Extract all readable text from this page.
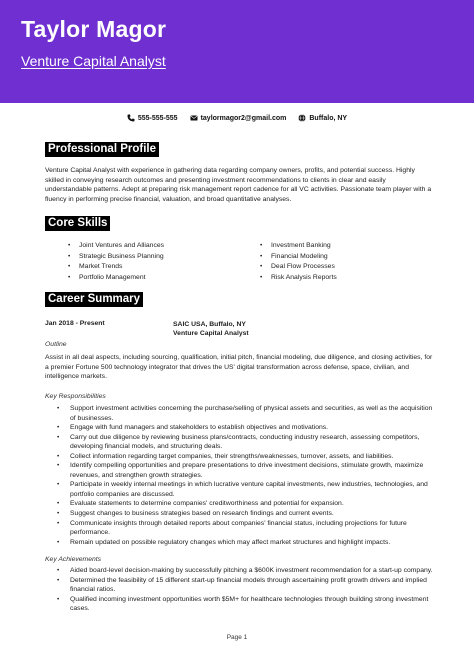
Taylor Magor
Venture Capital Analyst
555-555-555	taylormagor2@gmail.com	Buffalo, NY
Professional Profile
Venture Capital Analyst with experience in gathering data regarding company owners, profits, and potential success. Highly skilled in conveying research outcomes and presenting investment recommendations to clients in clear and easily understandable patterns. Adept at preparing risk management report cadence for all VC activities. Passionate team player with a fluency in performing precise financial, valuation, and broad quantitative analyses.
Core Skills
•	Joint Ventures and Alliances	•	Investment Banking
•	Strategic Business Planning	•	Financial Modeling
•	Market Trends	•	Deal Flow Processes
•	Portfolio Management	•	Risk Analysis Reports
Career Summary
Jan 2018 - Present	SAIC USA, Buffalo, NY
Venture Capital Analyst
Outline
Assist in all deal aspects, including sourcing, qualification, initial pitch, financial modeling, due diligence, and closing activities, for a premier Fortune 500 technology integrator that drives the US' digital transformation across defense, space, civilian, and intelligence markets.
Key Responsibilities
•	Support investment activities concerning the purchase/selling of physical assets and securities, as well as the acquisition of businesses.
•	Engage with fund managers and stakeholders to establish objectives and motivations.
•	Carry out due diligence by reviewing business plans/contracts, conducting industry research, assessing competitors, developing financial models, and structuring deals.
•	Collect information regarding target companies, their strengths/weaknesses, turnover, assets, and liabilities.
•	Identify compelling opportunities and prepare presentations to drive investment decisions, stimulate growth, maximize revenues, and strengthen growth strategies.
•	Participate in weekly internal meetings in which lucrative venture capital investments, new industries, technologies, and portfolio companies are discussed.
•	Evaluate statements to determine companies' creditworthiness and potential for expansion.
•	Suggest changes to business strategies based on research findings and current events.
•	Communicate insights through detailed reports about companies' financial status, including projections for future performance.
•	Remain updated on possible regulatory changes which may affect market structures and highlight impacts.
Key Achievements
•	Aided board-level decision-making by successfully pitching a $600K investment recommendation for a start-up company.
•	Determined the feasibility of 15 different start-up financial models through ascertaining profit growth drivers and implied financial ratios.
•	Qualified incoming investment opportunities worth $5M+ for healthcare technologies through building strong investment cases.
Page 1
